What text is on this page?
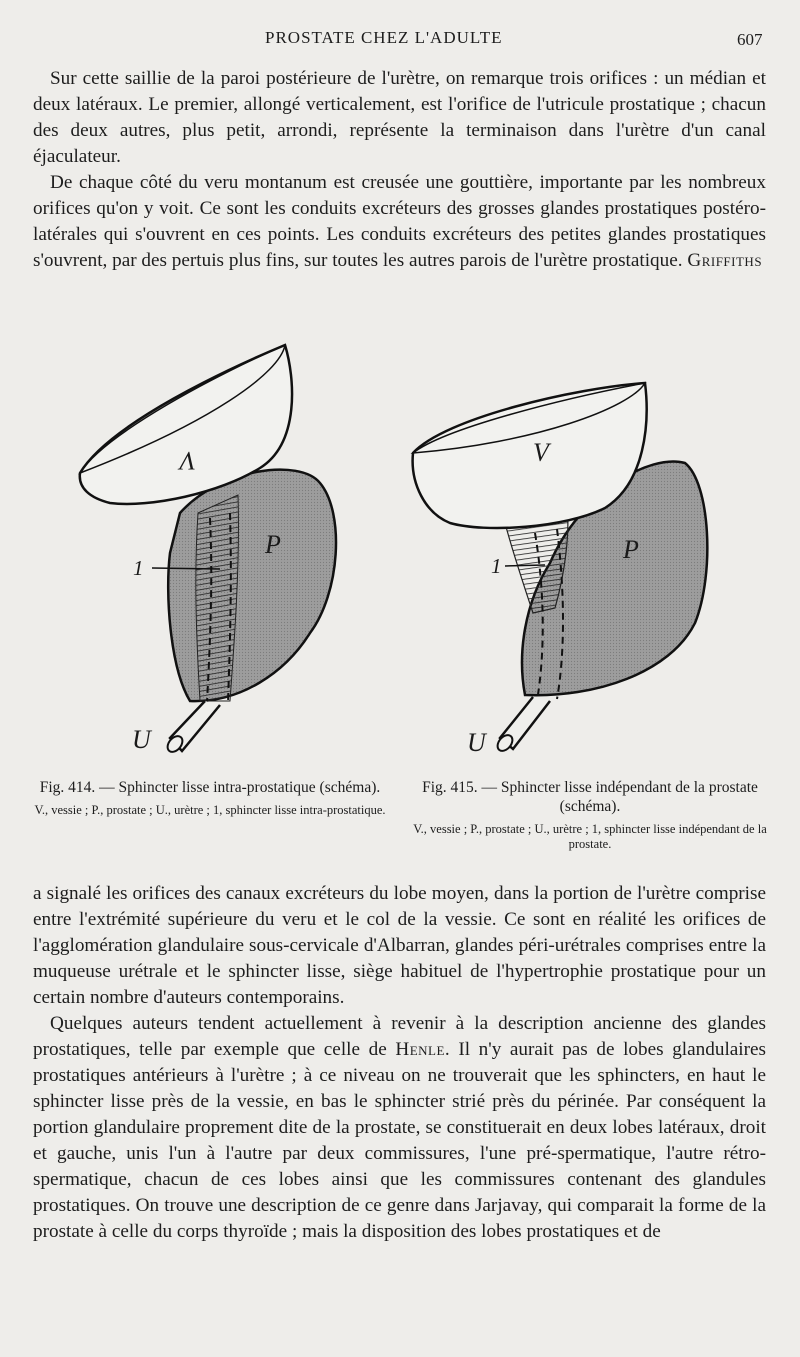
PROSTATE CHEZ L'ADULTE	607

Sur cette saillie de la paroi postérieure de l'urètre, on remarque trois orifices : un médian et deux latéraux. Le premier, allongé verticalement, est l'orifice de l'utricule prostatique ; chacun des deux autres, plus petit, arrondi, représente la terminaison dans l'urètre d'un canal éjaculateur.

De chaque côté du veru montanum est creusée une gouttière, importante par les nombreux orifices qu'on y voit. Ce sont les conduits excréteurs des grosses glandes prostatiques postéro-latérales qui s'ouvrent en ces points. Les conduits excréteurs des petites glandes prostatiques s'ouvrent, par des pertuis plus fins, sur toutes les autres parois de l'urètre prostatique. Griffiths

V
P
U
1
V
P
U
1
Fig. 414. — Sphincter lisse intra-prostatique (schéma).
V., vessie ; P., prostate ; U., urètre ; 1, sphincter lisse intra-prostatique.
Fig. 415. — Sphincter lisse indépendant de la prostate (schéma).
V., vessie ; P., prostate ; U., urètre ; 1, sphincter lisse indépendant de la prostate.

a signalé les orifices des canaux excréteurs du lobe moyen, dans la portion de l'urètre comprise entre l'extrémité supérieure du veru et le col de la vessie. Ce sont en réalité les orifices de l'agglomération glandulaire sous-cervicale d'Albarran, glandes péri-urétrales comprises entre la muqueuse urétrale et le sphincter lisse, siège habituel de l'hypertrophie prostatique pour un certain nombre d'auteurs contemporains.

Quelques auteurs tendent actuellement à revenir à la description ancienne des glandes prostatiques, telle par exemple que celle de Henle. Il n'y aurait pas de lobes glandulaires prostatiques antérieurs à l'urètre ; à ce niveau on ne trouverait que les sphincters, en haut le sphincter lisse près de la vessie, en bas le sphincter strié près du périnée. Par conséquent la portion glandulaire proprement dite de la prostate, se constituerait en deux lobes latéraux, droit et gauche, unis l'un à l'autre par deux commissures, l'une pré-spermatique, l'autre rétro-spermatique, chacun de ces lobes ainsi que les commissures contenant des glandules prostatiques. On trouve une description de ce genre dans Jarjavay, qui comparait la forme de la prostate à celle du corps thyroïde ; mais la disposition des lobes prostatiques et de
